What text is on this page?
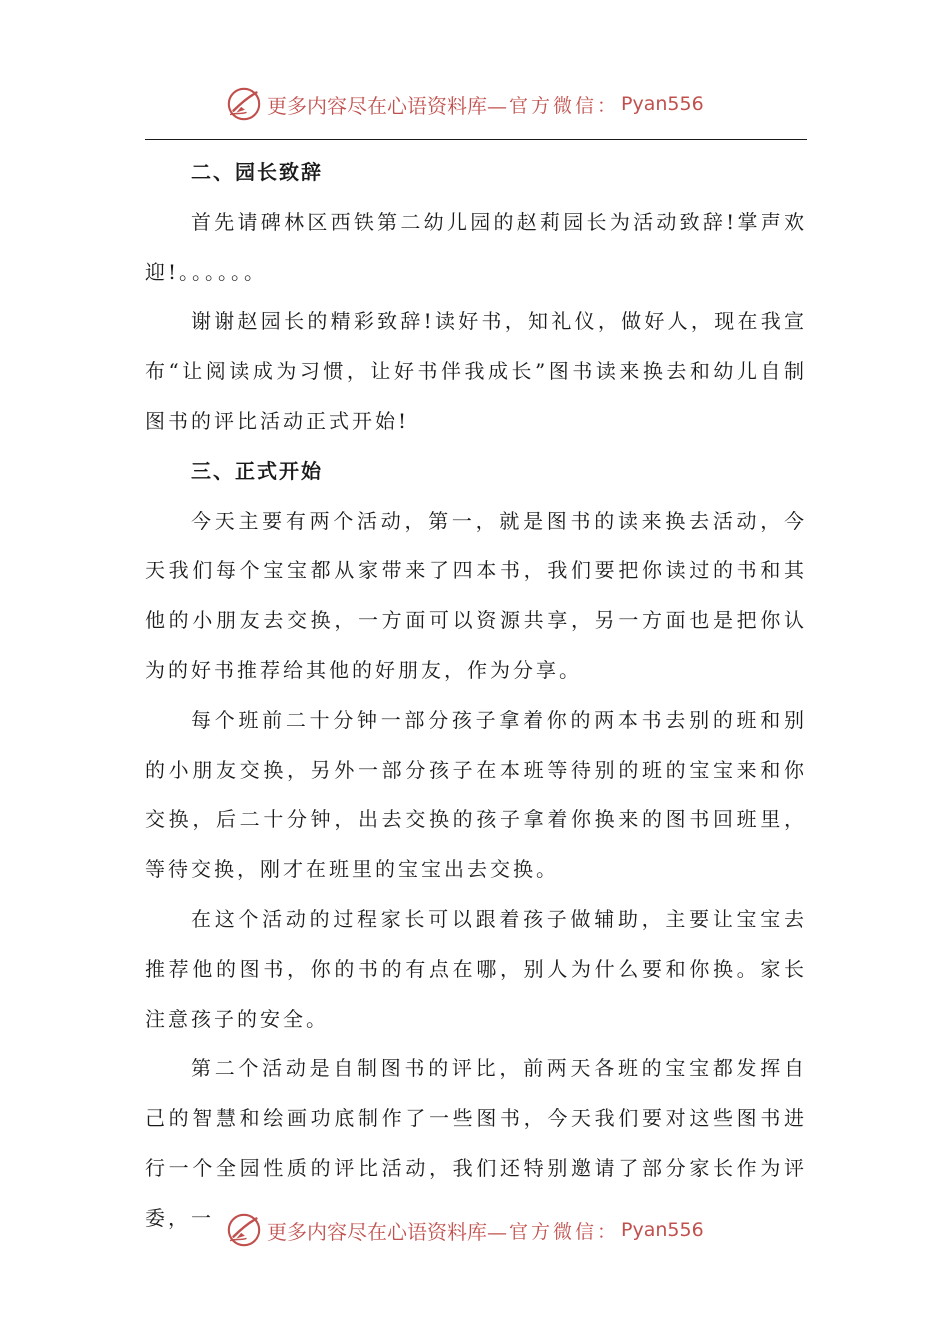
更多内容尽在心语资料库— 官方微信： Pyan556
二、园长致辞

首先请碑林区西铁第二幼儿园的赵莉园长为活动致辞!掌声欢迎!。。。。。。

谢谢赵园长的精彩致辞!读好书，知礼仪，做好人，现在我宣布“让阅读成为习惯，让好书伴我成长”图书读来换去和幼儿自制图书的评比活动正式开始!

三、正式开始

今天主要有两个活动，第一，就是图书的读来换去活动，今天我们每个宝宝都从家带来了四本书，我们要把你读过的书和其他的小朋友去交换，一方面可以资源共享，另一方面也是把你认为的好书推荐给其他的好朋友，作为分享。

每个班前二十分钟一部分孩子拿着你的两本书去别的班和别的小朋友交换，另外一部分孩子在本班等待别的班的宝宝来和你交换，后二十分钟，出去交换的孩子拿着你换来的图书回班里，等待交换，刚才在班里的宝宝出去交换。

在这个活动的过程家长可以跟着孩子做辅助，主要让宝宝去推荐他的图书，你的书的有点在哪，别人为什么要和你换。家长注意孩子的安全。

第二个活动是自制图书的评比，前两天各班的宝宝都发挥自己的智慧和绘画功底制作了一些图书，今天我们要对这些图书进行一个全园性质的评比活动，我们还特别邀请了部分家长作为评委，一

更多内容尽在心语资料库— 官方微信： Pyan556
